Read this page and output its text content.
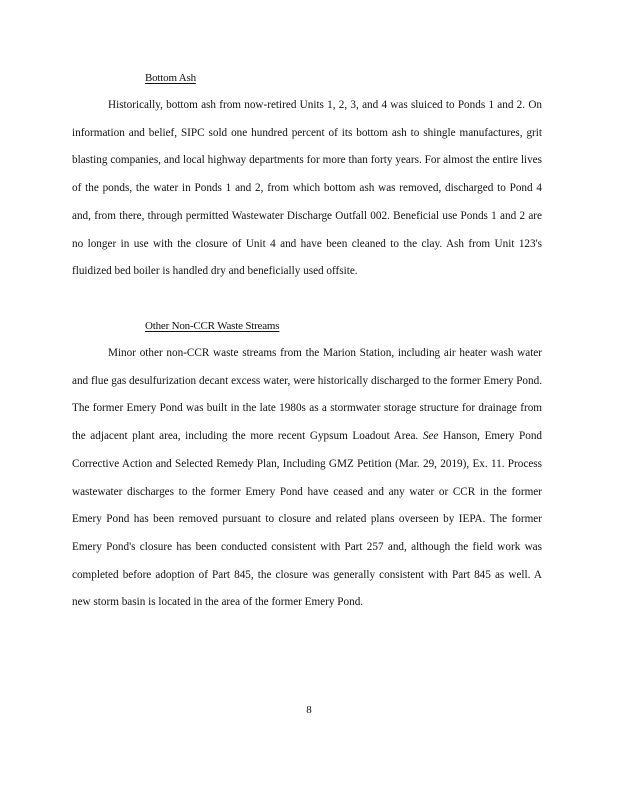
Bottom Ash

Historically, bottom ash from now-retired Units 1, 2, 3, and 4 was sluiced to Ponds 1 and 2. On information and belief, SIPC sold one hundred percent of its bottom ash to shingle manufactures, grit blasting companies, and local highway departments for more than forty years. For almost the entire lives of the ponds, the water in Ponds 1 and 2, from which bottom ash was removed, discharged to Pond 4 and, from there, through permitted Wastewater Discharge Outfall 002. Beneficial use Ponds 1 and 2 are no longer in use with the closure of Unit 4 and have been cleaned to the clay. Ash from Unit 123's fluidized bed boiler is handled dry and beneficially used offsite.

Other Non-CCR Waste Streams

Minor other non-CCR waste streams from the Marion Station, including air heater wash water and flue gas desulfurization decant excess water, were historically discharged to the former Emery Pond. The former Emery Pond was built in the late 1980s as a stormwater storage structure for drainage from the adjacent plant area, including the more recent Gypsum Loadout Area. See Hanson, Emery Pond Corrective Action and Selected Remedy Plan, Including GMZ Petition (Mar. 29, 2019), Ex. 11. Process wastewater discharges to the former Emery Pond have ceased and any water or CCR in the former Emery Pond has been removed pursuant to closure and related plans overseen by IEPA. The former Emery Pond's closure has been conducted consistent with Part 257 and, although the field work was completed before adoption of Part 845, the closure was generally consistent with Part 845 as well. A new storm basin is located in the area of the former Emery Pond.

8
